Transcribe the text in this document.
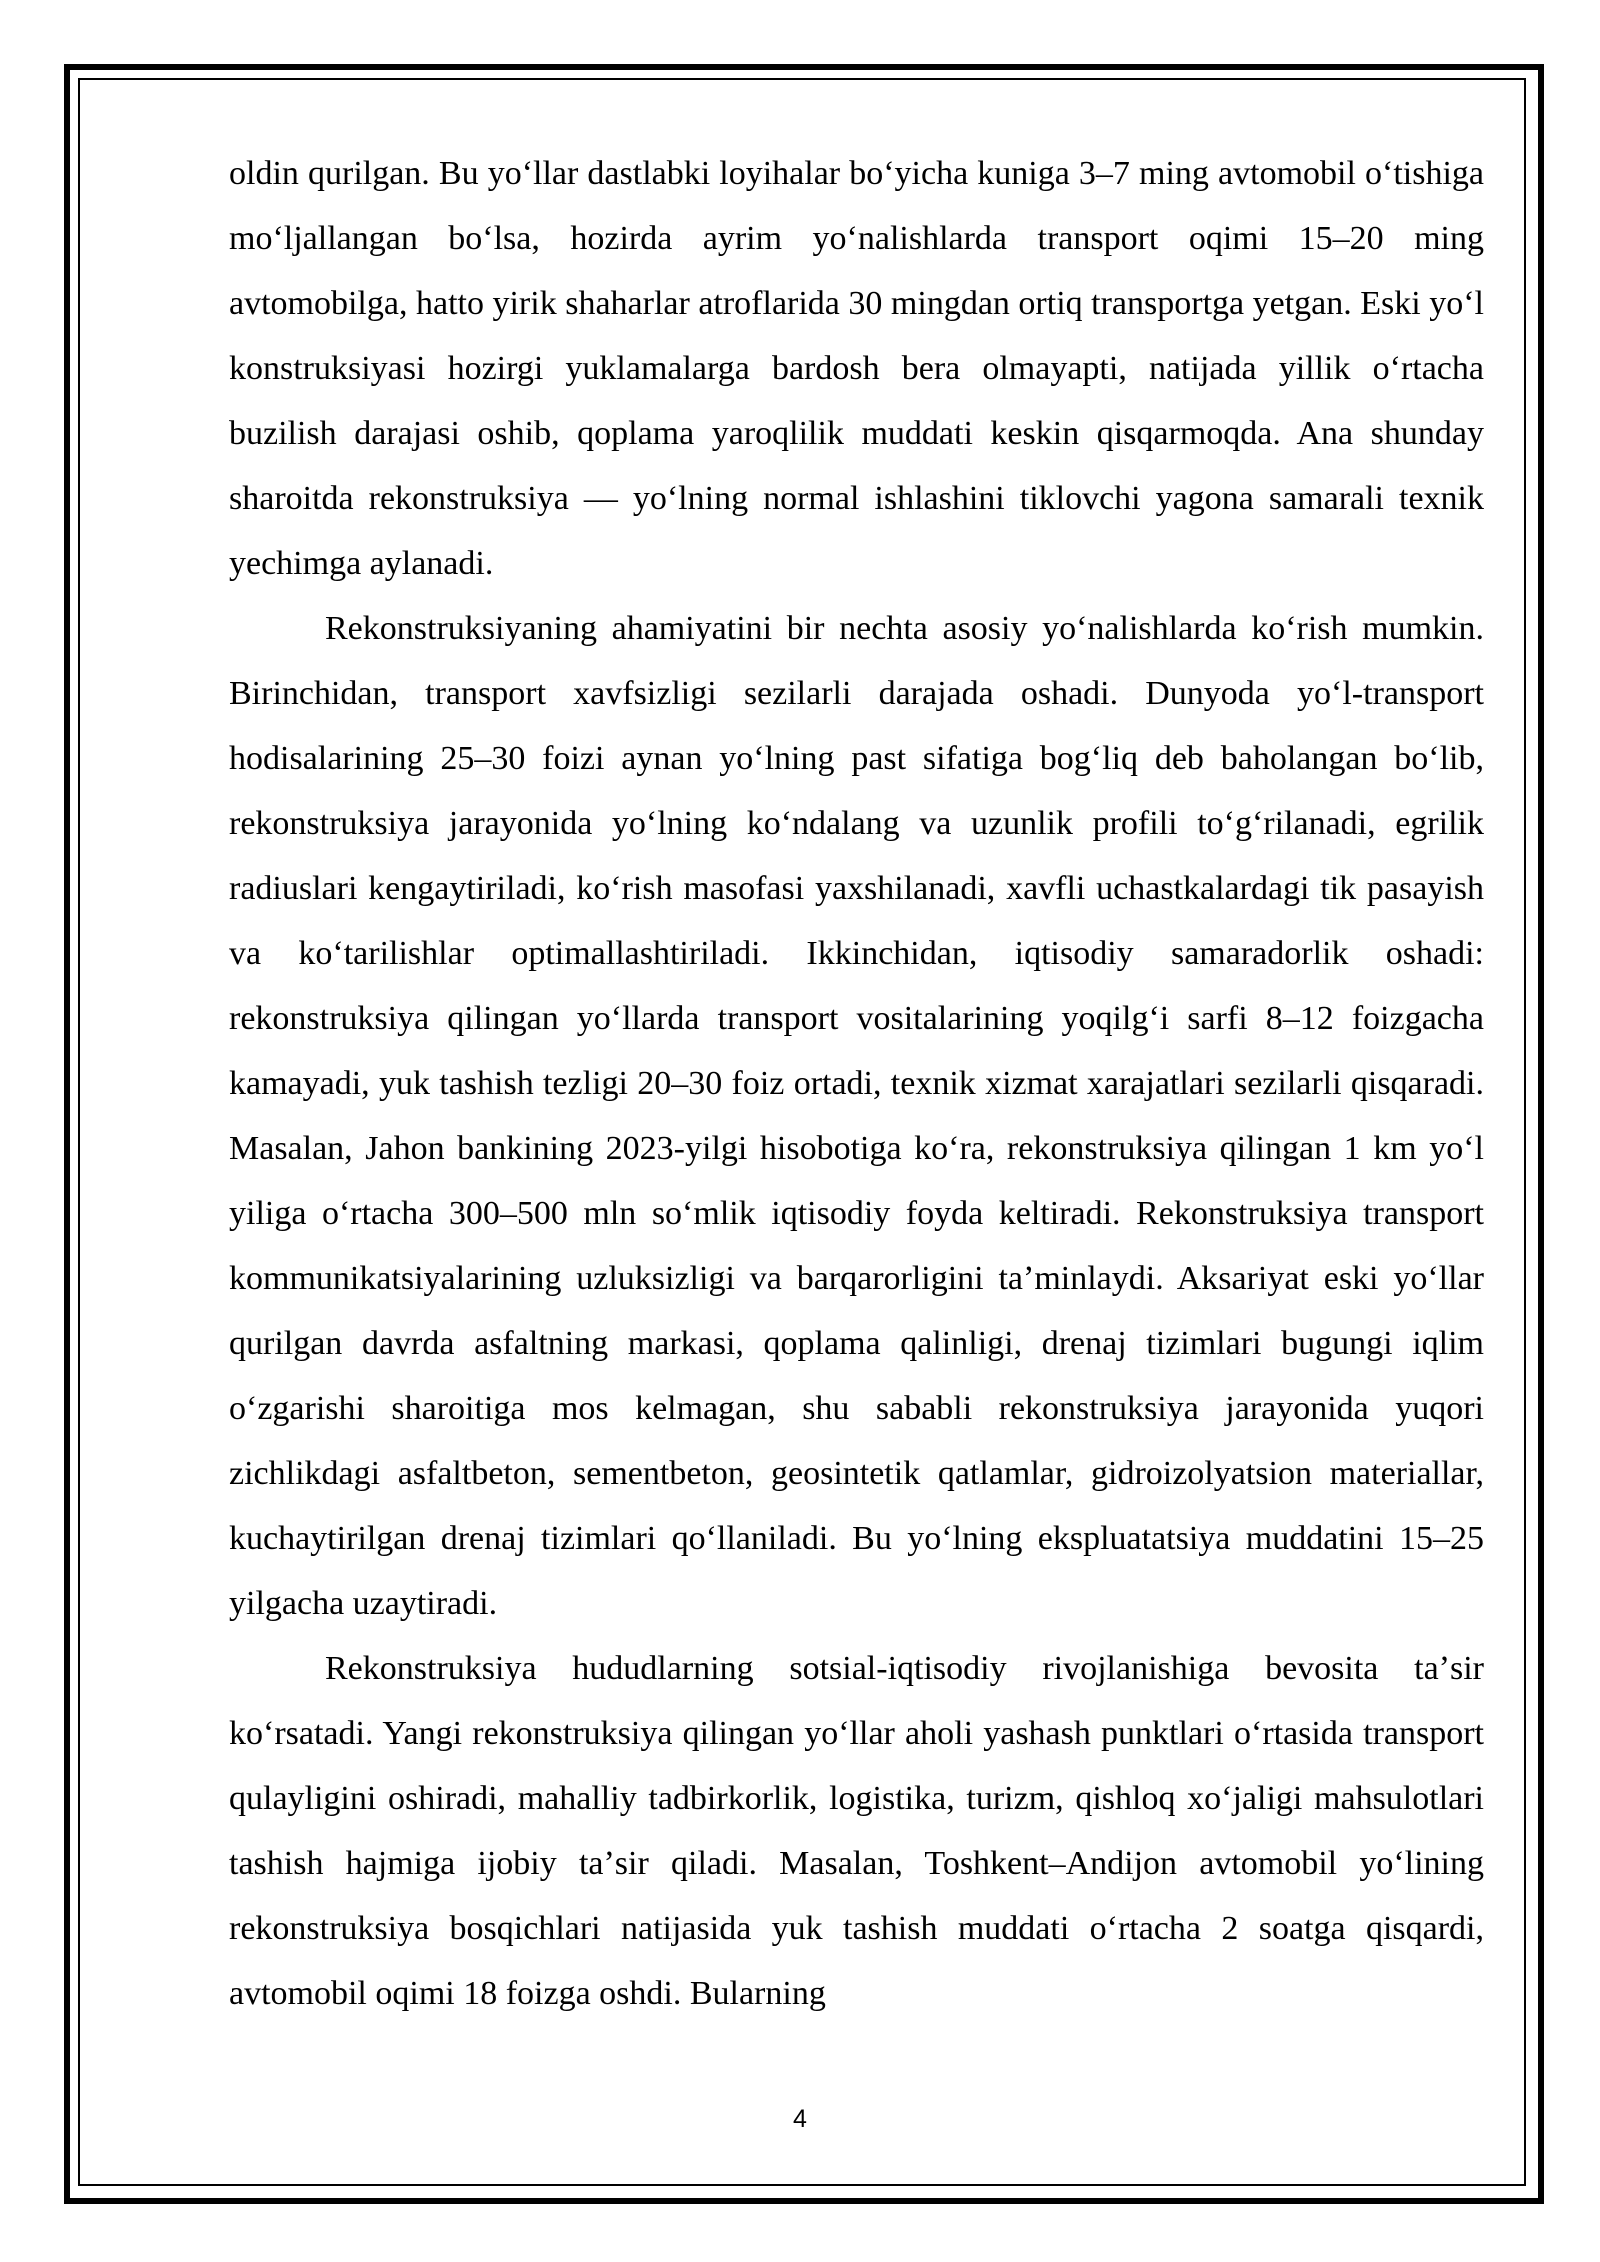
oldin qurilgan. Bu yoʻllar dastlabki loyihalar boʻyicha kuniga 3–7 ming avtomobil oʻtishiga moʻljallangan boʻlsa, hozirda ayrim yoʻnalishlarda transport oqimi 15–20 ming avtomobilga, hatto yirik shaharlar atroflarida 30 mingdan ortiq transportga yetgan. Eski yoʻl konstruksiyasi hozirgi yuklamalarga bardosh bera olmayapti, natijada yillik oʻrtacha buzilish darajasi oshib, qoplama yaroqlilik muddati keskin qisqarmoqda. Ana shunday sharoitda rekonstruksiya — yoʻlning normal ishlashini tiklovchi yagona samarali texnik yechimga aylanadi.

Rekonstruksiyaning ahamiyatini bir nechta asosiy yoʻnalishlarda koʻrish mumkin. Birinchidan, transport xavfsizligi sezilarli darajada oshadi. Dunyoda yoʻl-transport hodisalarining 25–30 foizi aynan yoʻlning past sifatiga bogʻliq deb baholangan boʻlib, rekonstruksiya jarayonida yoʻlning koʻndalang va uzunlik profili toʻgʻrilanadi, egrilik radiuslari kengaytiriladi, koʻrish masofasi yaxshilanadi, xavfli uchastkalardagi tik pasayish va koʻtarilishlar optimallashtiriladi. Ikkinchidan, iqtisodiy samaradorlik oshadi: rekonstruksiya qilingan yoʻllarda transport vositalarining yoqilgʻi sarfi 8–12 foizgacha kamayadi, yuk tashish tezligi 20–30 foiz ortadi, texnik xizmat xarajatlari sezilarli qisqaradi. Masalan, Jahon bankining 2023-yilgi hisobotiga koʻra, rekonstruksiya qilingan 1 km yoʻl yiliga oʻrtacha 300–500 mln soʻmlik iqtisodiy foyda keltiradi. Rekonstruksiya transport kommunikatsiyalarining uzluksizligi va barqarorligini taʼminlaydi. Aksariyat eski yoʻllar qurilgan davrda asfaltning markasi, qoplama qalinligi, drenaj tizimlari bugungi iqlim oʻzgarishi sharoitiga mos kelmagan, shu sababli rekonstruksiya jarayonida yuqori zichlikdagi asfaltbeton, sementbeton, geosintetik qatlamlar, gidroizolyatsion materiallar, kuchaytirilgan drenaj tizimlari qoʻllaniladi. Bu yoʻlning ekspluatatsiya muddatini 15–25 yilgacha uzaytiradi.

Rekonstruksiya hududlarning sotsial-iqtisodiy rivojlanishiga bevosita taʼsir koʻrsatadi. Yangi rekonstruksiya qilingan yoʻllar aholi yashash punktlari oʻrtasida transport qulayligini oshiradi, mahalliy tadbirkorlik, logistika, turizm, qishloq xoʻjaligi mahsulotlari tashish hajmiga ijobiy taʼsir qiladi. Masalan, Toshkent–Andijon avtomobil yoʻlining rekonstruksiya bosqichlari natijasida yuk tashish muddati oʻrtacha 2 soatga qisqardi, avtomobil oqimi 18 foizga oshdi. Bularning

4
